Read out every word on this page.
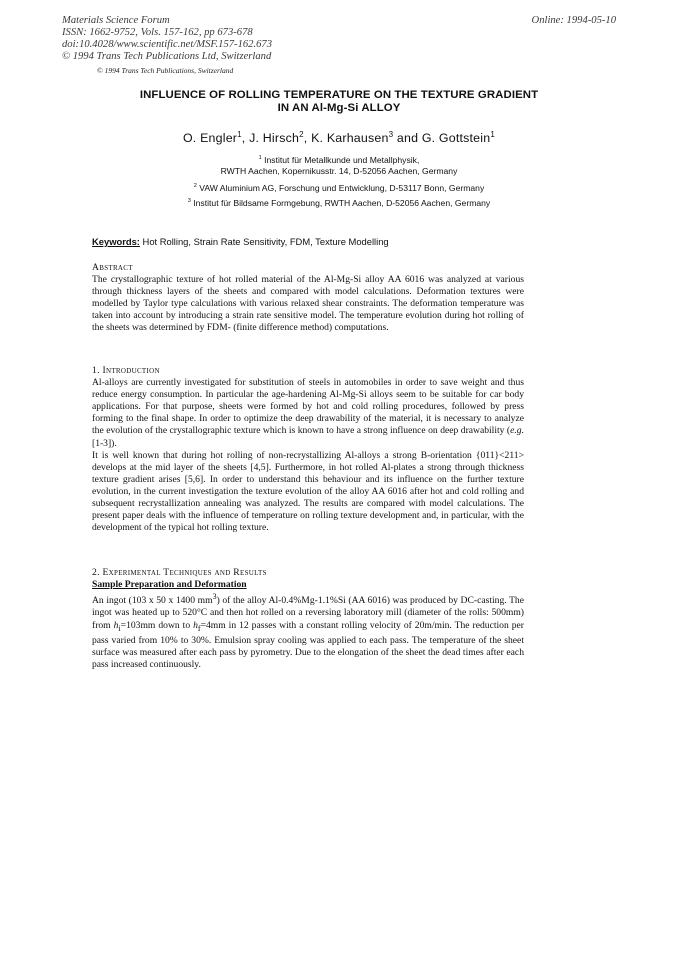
Materials Science Forum
ISSN: 1662-9752, Vols. 157-162, pp 673-678
doi:10.4028/www.scientific.net/MSF.157-162.673
© 1994 Trans Tech Publications Ltd, Switzerland
Online: 1994-05-10
© 1994 Trans Tech Publications, Switzerland
INFLUENCE OF ROLLING TEMPERATURE ON THE TEXTURE GRADIENT
IN AN Al-Mg-Si ALLOY
O. Engler$^1$, J. Hirsch$^2$, K. Karhausen$^3$ and G. Gottstein$^1$
$^1$ Institut für Metallkunde und Metallphysik,
RWTH Aachen, Kopernikusstr. 14, D-52056 Aachen, Germany
$^2$ VAW Aluminium AG, Forschung und Entwicklung, D-53117 Bonn, Germany
$^3$ Institut für Bildsame Formgebung, RWTH Aachen, D-52056 Aachen, Germany
Keywords: Hot Rolling, Strain Rate Sensitivity, FDM, Texture Modelling
Abstract

The crystallographic texture of hot rolled material of the Al-Mg-Si alloy AA 6016 was analyzed at various through thickness layers of the sheets and compared with model calculations. Deformation textures were modelled by Taylor type calculations with various relaxed shear constraints. The deformation temperature was taken into account by introducing a strain rate sensitive model. The temperature evolution during hot rolling of the sheets was determined by FDM- (finite difference method) computations.

1. Introduction

Al-alloys are currently investigated for substitution of steels in automobiles in order to save weight and thus reduce energy consumption. In particular the age-hardening Al-Mg-Si alloys seem to be suitable for car body applications. For that purpose, sheets were formed by hot and cold rolling procedures, followed by press forming to the final shape. In order to optimize the deep drawability of the material, it is necessary to analyze the evolution of the crystallographic texture which is known to have a strong influence on deep drawability (e.g. [1-3]).

It is well known that during hot rolling of non-recrystallizing Al-alloys a strong B-orientation {011}<211> develops at the mid layer of the sheets [4,5]. Furthermore, in hot rolled Al-plates a strong through thickness texture gradient arises [5,6]. In order to understand this behaviour and its influence on the further texture evolution, in the current investigation the texture evolution of the alloy AA 6016 after hot and cold rolling and subsequent recrystallization annealing was analyzed. The results are compared with model calculations. The present paper deals with the influence of temperature on rolling texture development and, in particular, with the development of the typical hot rolling texture.

2. Experimental Techniques and Results
Sample Preparation and Deformation

An ingot (103 x 50 x 1400 $mm^3$) of the alloy Al-0.4%Mg-1.1%Si (AA 6016) was produced by DC-casting. The ingot was heated up to 520°C and then hot rolled on a reversing laboratory mill (diameter of the rolls: 500mm) from $h_i=103mm$ down to $h_f=4mm$ in 12 passes with a constant rolling velocity of 20m/min. The reduction per pass varied from 10% to 30%. Emulsion spray cooling was applied to each pass. The temperature of the sheet surface was measured after each pass by pyrometry. Due to the elongation of the sheet the dead times after each pass increased continuously.
